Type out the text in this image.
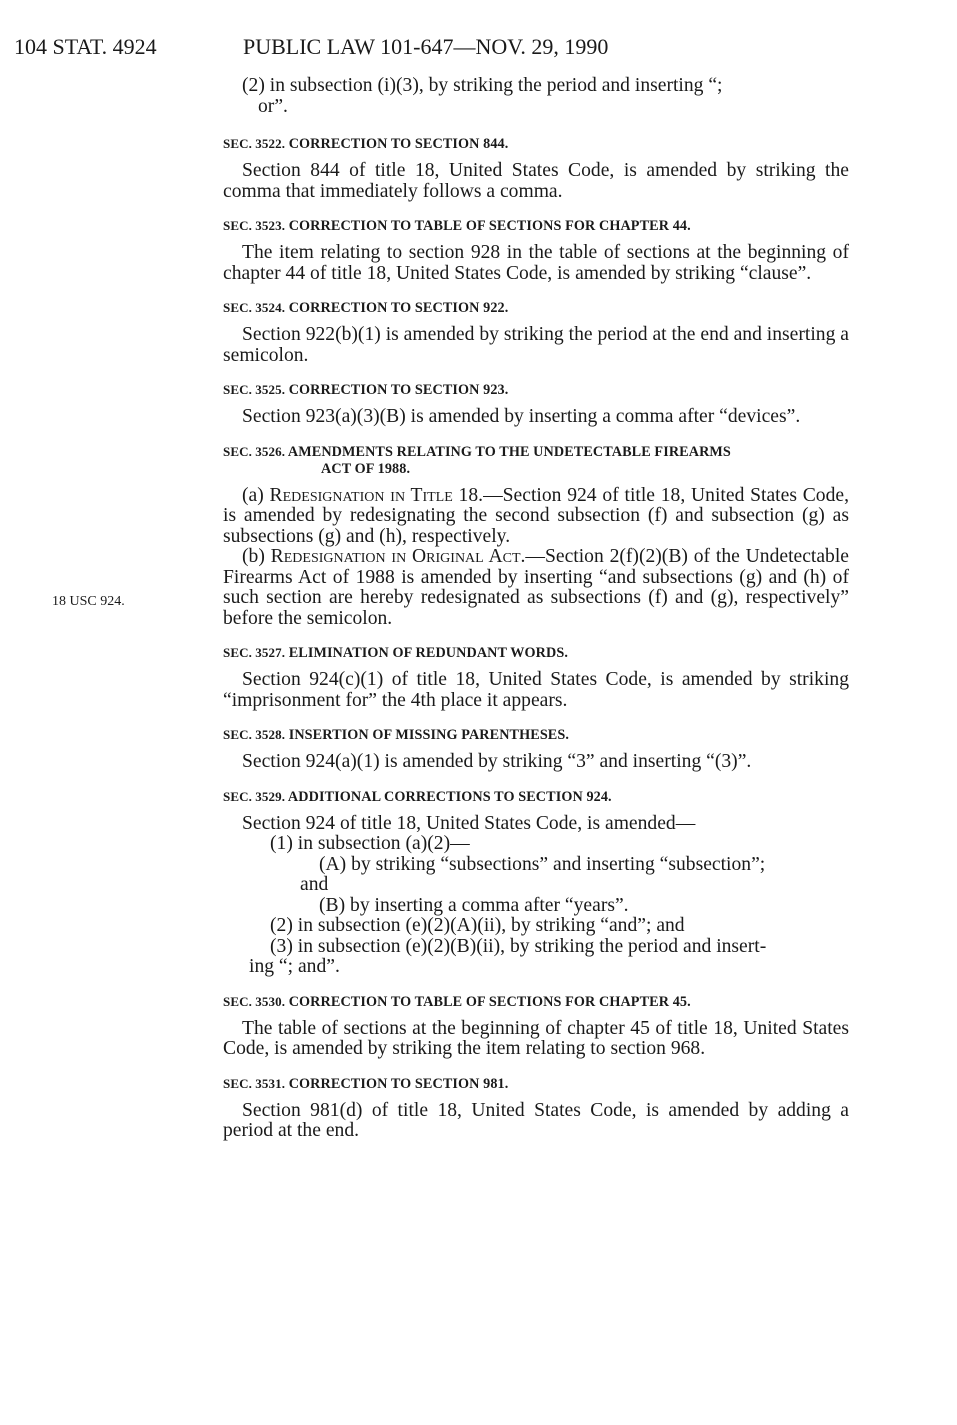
104 STAT. 4924	PUBLIC LAW 101-647—NOV. 29, 1990
18 USC 924.

(2) in subsection (i)(3), by striking the period and inserting “;

or”.

SEC. 3522. CORRECTION TO SECTION 844.

Section 844 of title 18, United States Code, is amended by striking the comma that immediately follows a comma.

SEC. 3523. CORRECTION TO TABLE OF SECTIONS FOR CHAPTER 44.

The item relating to section 928 in the table of sections at the beginning of chapter 44 of title 18, United States Code, is amended by striking “clause”.

SEC. 3524. CORRECTION TO SECTION 922.

Section 922(b)(1) is amended by striking the period at the end and inserting a semicolon.

SEC. 3525. CORRECTION TO SECTION 923.

Section 923(a)(3)(B) is amended by inserting a comma after “devices”.

SEC. 3526. AMENDMENTS RELATING TO THE UNDETECTABLE FIREARMS
ACT OF 1988.

(a) Redesignation in Title 18.—Section 924 of title 18, United States Code, is amended by redesignating the second subsection (f) and subsection (g) as subsections (g) and (h), respectively.

(b) Redesignation in Original Act.—Section 2(f)(2)(B) of the Undetectable Firearms Act of 1988 is amended by inserting “and subsections (g) and (h) of such section are hereby redesignated as subsections (f) and (g), respectively” before the semicolon.

SEC. 3527. ELIMINATION OF REDUNDANT WORDS.

Section 924(c)(1) of title 18, United States Code, is amended by striking “imprisonment for” the 4th place it appears.

SEC. 3528. INSERTION OF MISSING PARENTHESES.

Section 924(a)(1) is amended by striking “3” and inserting “(3)”.

SEC. 3529. ADDITIONAL CORRECTIONS TO SECTION 924.

Section 924 of title 18, United States Code, is amended—

(1) in subsection (a)(2)—

(A) by striking “subsections” and inserting “subsection”;

and

(B) by inserting a comma after “years”.

(2) in subsection (e)(2)(A)(ii), by striking “and”; and

(3) in subsection (e)(2)(B)(ii), by striking the period and insert-

ing “; and”.

SEC. 3530. CORRECTION TO TABLE OF SECTIONS FOR CHAPTER 45.

The table of sections at the beginning of chapter 45 of title 18, United States Code, is amended by striking the item relating to section 968.

SEC. 3531. CORRECTION TO SECTION 981.

Section 981(d) of title 18, United States Code, is amended by adding a period at the end.
